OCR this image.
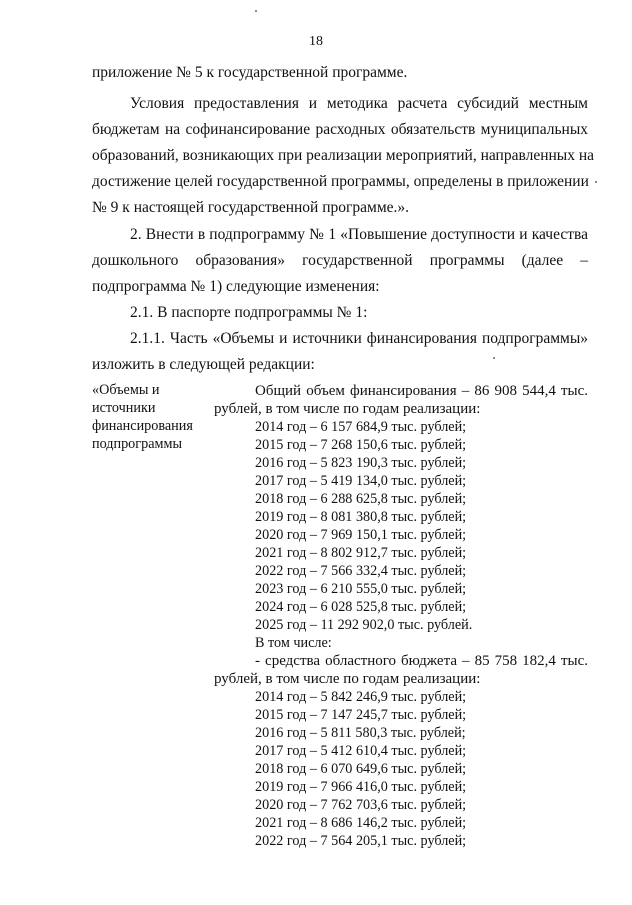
18
приложение № 5 к государственной программе.
Условия предоставления и методика расчета субсидий местным
бюджетам на софинансирование расходных обязательств муниципальных
образований, возникающих при реализации мероприятий, направленных на
достижение целей государственной программы, определены в приложении
№ 9 к настоящей государственной программе.».
2. Внести в подпрограмму № 1 «Повышение доступности и качества
дошкольного образования» государственной программы (далее –
подпрограмма № 1) следующие изменения:
2.1. В паспорте подпрограммы № 1:
2.1.1. Часть «Объемы и источники финансирования подпрограммы»
изложить в следующей редакции:
«Объемы и
источники
финансирования
подпрограммы
Общий объем финансирования – 86 908 544,4 тыс.
рублей, в том числе по годам реализации:
2014 год – 6 157 684,9 тыс. рублей;
2015 год – 7 268 150,6 тыс. рублей;
2016 год – 5 823 190,3 тыс. рублей;
2017 год – 5 419 134,0 тыс. рублей;
2018 год – 6 288 625,8 тыс. рублей;
2019 год – 8 081 380,8 тыс. рублей;
2020 год – 7 969 150,1 тыс. рублей;
2021 год – 8 802 912,7 тыс. рублей;
2022 год – 7 566 332,4 тыс. рублей;
2023 год – 6 210 555,0 тыс. рублей;
2024 год – 6 028 525,8 тыс. рублей;
2025 год – 11 292 902,0 тыс. рублей.
В том числе:
- средства областного бюджета – 85 758 182,4 тыс.
рублей, в том числе по годам реализации:
2014 год – 5 842 246,9 тыс. рублей;
2015 год – 7 147 245,7 тыс. рублей;
2016 год – 5 811 580,3 тыс. рублей;
2017 год – 5 412 610,4 тыс. рублей;
2018 год – 6 070 649,6 тыс. рублей;
2019 год – 7 966 416,0 тыс. рублей;
2020 год – 7 762 703,6 тыс. рублей;
2021 год – 8 686 146,2 тыс. рублей;
2022 год – 7 564 205,1 тыс. рублей;
